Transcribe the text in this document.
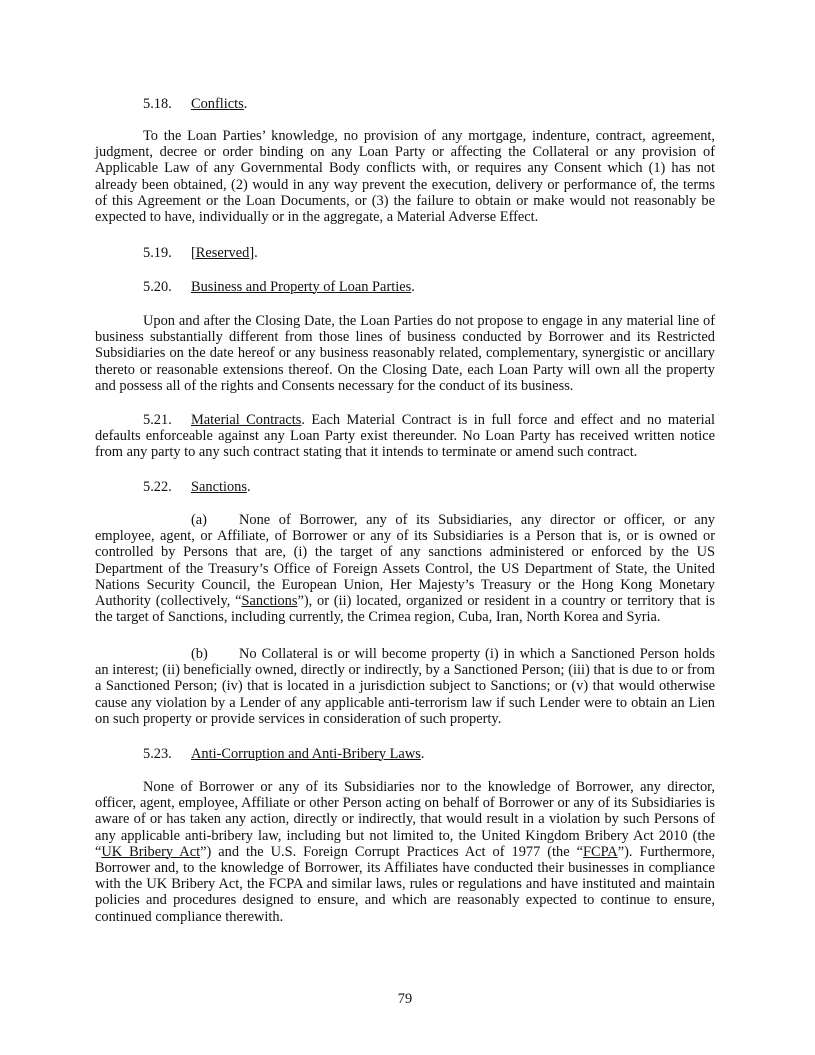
5.18. Conflicts.
To the Loan Parties’ knowledge, no provision of any mortgage, indenture, contract, agreement, judgment, decree or order binding on any Loan Party or affecting the Collateral or any provision of Applicable Law of any Governmental Body conflicts with, or requires any Consent which (1) has not already been obtained, (2) would in any way prevent the execution, delivery or performance of, the terms of this Agreement or the Loan Documents, or (3) the failure to obtain or make would not reasonably be expected to have, individually or in the aggregate, a Material Adverse Effect.
5.19. [Reserved].
5.20. Business and Property of Loan Parties.
Upon and after the Closing Date, the Loan Parties do not propose to engage in any material line of business substantially different from those lines of business conducted by Borrower and its Restricted Subsidiaries on the date hereof or any business reasonably related, complementary, synergistic or ancillary thereto or reasonable extensions thereof. On the Closing Date, each Loan Party will own all the property and possess all of the rights and Consents necessary for the conduct of its business.
5.21. Material Contracts. Each Material Contract is in full force and effect and no material defaults enforceable against any Loan Party exist thereunder. No Loan Party has received written notice from any party to any such contract stating that it intends to terminate or amend such contract.
5.22. Sanctions.
(a) None of Borrower, any of its Subsidiaries, any director or officer, or any employee, agent, or Affiliate, of Borrower or any of its Subsidiaries is a Person that is, or is owned or controlled by Persons that are, (i) the target of any sanctions administered or enforced by the US Department of the Treasury’s Office of Foreign Assets Control, the US Department of State, the United Nations Security Council, the European Union, Her Majesty’s Treasury or the Hong Kong Monetary Authority (collectively, “Sanctions”), or (ii) located, organized or resident in a country or territory that is the target of Sanctions, including currently, the Crimea region, Cuba, Iran, North Korea and Syria.
(b) No Collateral is or will become property (i) in which a Sanctioned Person holds an interest; (ii) beneficially owned, directly or indirectly, by a Sanctioned Person; (iii) that is due to or from a Sanctioned Person; (iv) that is located in a jurisdiction subject to Sanctions; or (v) that would otherwise cause any violation by a Lender of any applicable anti-terrorism law if such Lender were to obtain an Lien on such property or provide services in consideration of such property.
5.23. Anti-Corruption and Anti-Bribery Laws.
None of Borrower or any of its Subsidiaries nor to the knowledge of Borrower, any director, officer, agent, employee, Affiliate or other Person acting on behalf of Borrower or any of its Subsidiaries is aware of or has taken any action, directly or indirectly, that would result in a violation by such Persons of any applicable anti-bribery law, including but not limited to, the United Kingdom Bribery Act 2010 (the “UK Bribery Act”) and the U.S. Foreign Corrupt Practices Act of 1977 (the “FCPA”). Furthermore, Borrower and, to the knowledge of Borrower, its Affiliates have conducted their businesses in compliance with the UK Bribery Act, the FCPA and similar laws, rules or regulations and have instituted and maintain policies and procedures designed to ensure, and which are reasonably expected to continue to ensure, continued compliance therewith.
79
